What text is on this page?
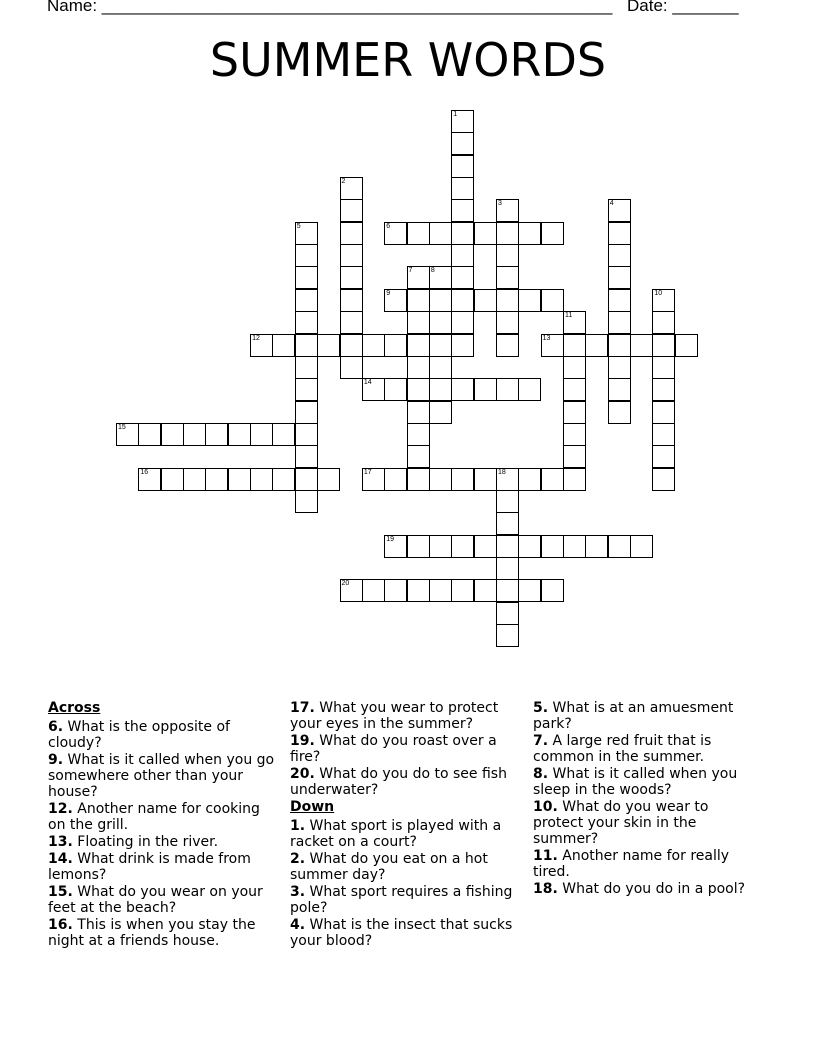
Name: ______________________________________________________ Date: _______
SUMMER WORDS
1
2
3	4
5	6
7	8
9	10
11
12	13
14
15
16	17	18
19
20
Across
6. What is the opposite of cloudy?
9. What is it called when you go somewhere other than your house?
12. Another name for cooking on the grill.
13. Floating in the river.
14. What drink is made from lemons?
15. What do you wear on your feet at the beach?
16. This is when you stay the night at a friends house.
17. What you wear to protect your eyes in the summer?
19. What do you roast over a fire?
20. What do you do to see fish underwater?
Down
1. What sport is played with a racket on a court?
2. What do you eat on a hot summer day?
3. What sport requires a fishing pole?
4. What is the insect that sucks your blood?
5. What is at an amuesment park?
7. A large red fruit that is common in the summer.
8. What is it called when you sleep in the woods?
10. What do you wear to protect your skin in the summer?
11. Another name for really tired.
18. What do you do in a pool?
